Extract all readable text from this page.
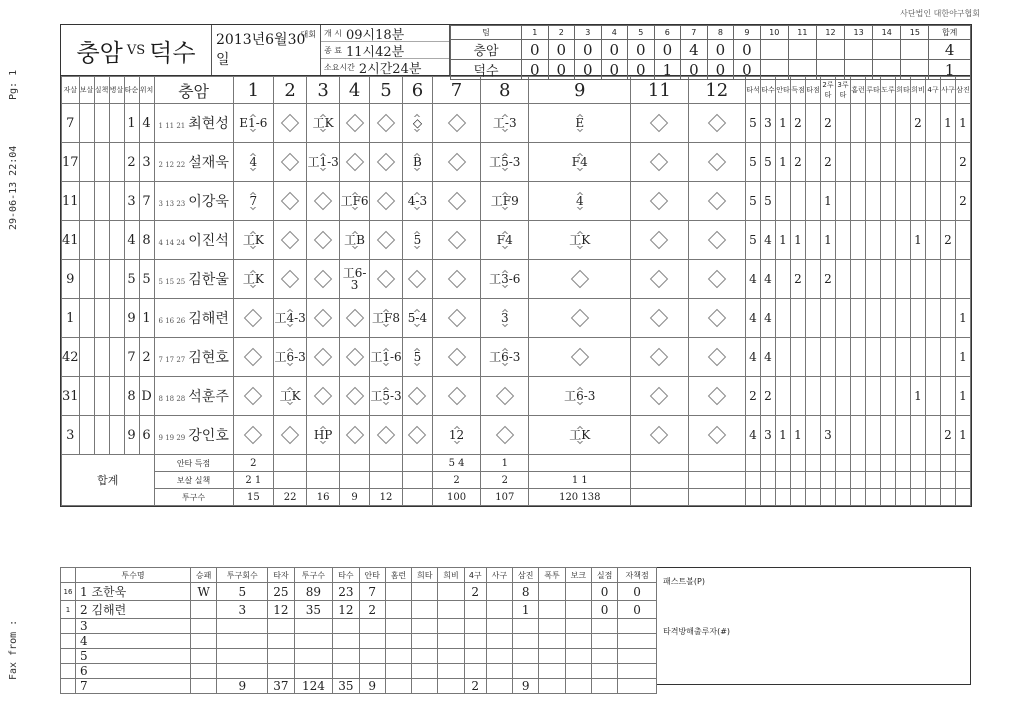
Fax from :
29-06-13 22:04
Pg: 1
사단법인 대한야구협회
충암 VS 덕수
대회
2013년6월30일
개 시 09시18분
종 료 11시42분
소요시간 2시간24분
팀	1	2	3	4	5	6	7	8	9	10	11	12	13	14	15	합계
충암	0	0	0	0	0	0	4	0	0							4
덕수	0	0	0	0	0	1	0	0	0							1
자살	보살	실책	병살	타순	위치	충암	1	2	3	4	5	6	7	8	9	11	12	타석	타수	안타	득점	타점	2루타	3루타	홈런	루타	도루	희타	희비	4구	사구	삼진
7				1	4	1 11 21 최현성	E1-6		工K			◇		工-3	E			5	3	1	2		2						2		1	1
17				2	3	2 12 22 설재욱	4		工1-3			B		工5-3	F4			5	5	1	2		2									2
11				3	7	3 13 23 이강욱	7			工F6		4-3		工F9	4			5	5				1									2
41				4	8	4 14 24 이진석	工K			工B		5		F4	工K			5	4	1	1		1						1		2	
9				5	5	5 15 25 김한울	工K			工6-3				工3-6				4	4		2		2									
1				9	1	6 16 26 김해련		工4-3			工F8	5-4		3				4	4													1
42				7	2	7 17 27 김현호		工6-3			工1-6	5		工6-3				4	4													1
31				8	D	8 18 28 석훈주		工K			工5-3				工6-3			2	2										1			1
3				9	6	9 19 29 강인호			HP				12		工K			4	3	1	1		3								2	1
합계						안타 득점	2						5 4	1																		
						보살 실책	2 1						2	2	1 1																	
						투구수	15	22	16	9	12		100	107	120 138																	
	투수명	승패	투구회수	타자	투구수	타수	안타	홈런	희타	희비	4구	사구	삼진	폭투	보크	실점	자책점
16	1 조한욱	W	5	25	89	23	7				2		8			0	0
1	2 김해련		3	12	35	12	2						1			0	0
	3																
	4																
	5																
	6																
	7		9	37	124	35	9				2		9				
패스트볼(P)
타격방해출루자(#)
